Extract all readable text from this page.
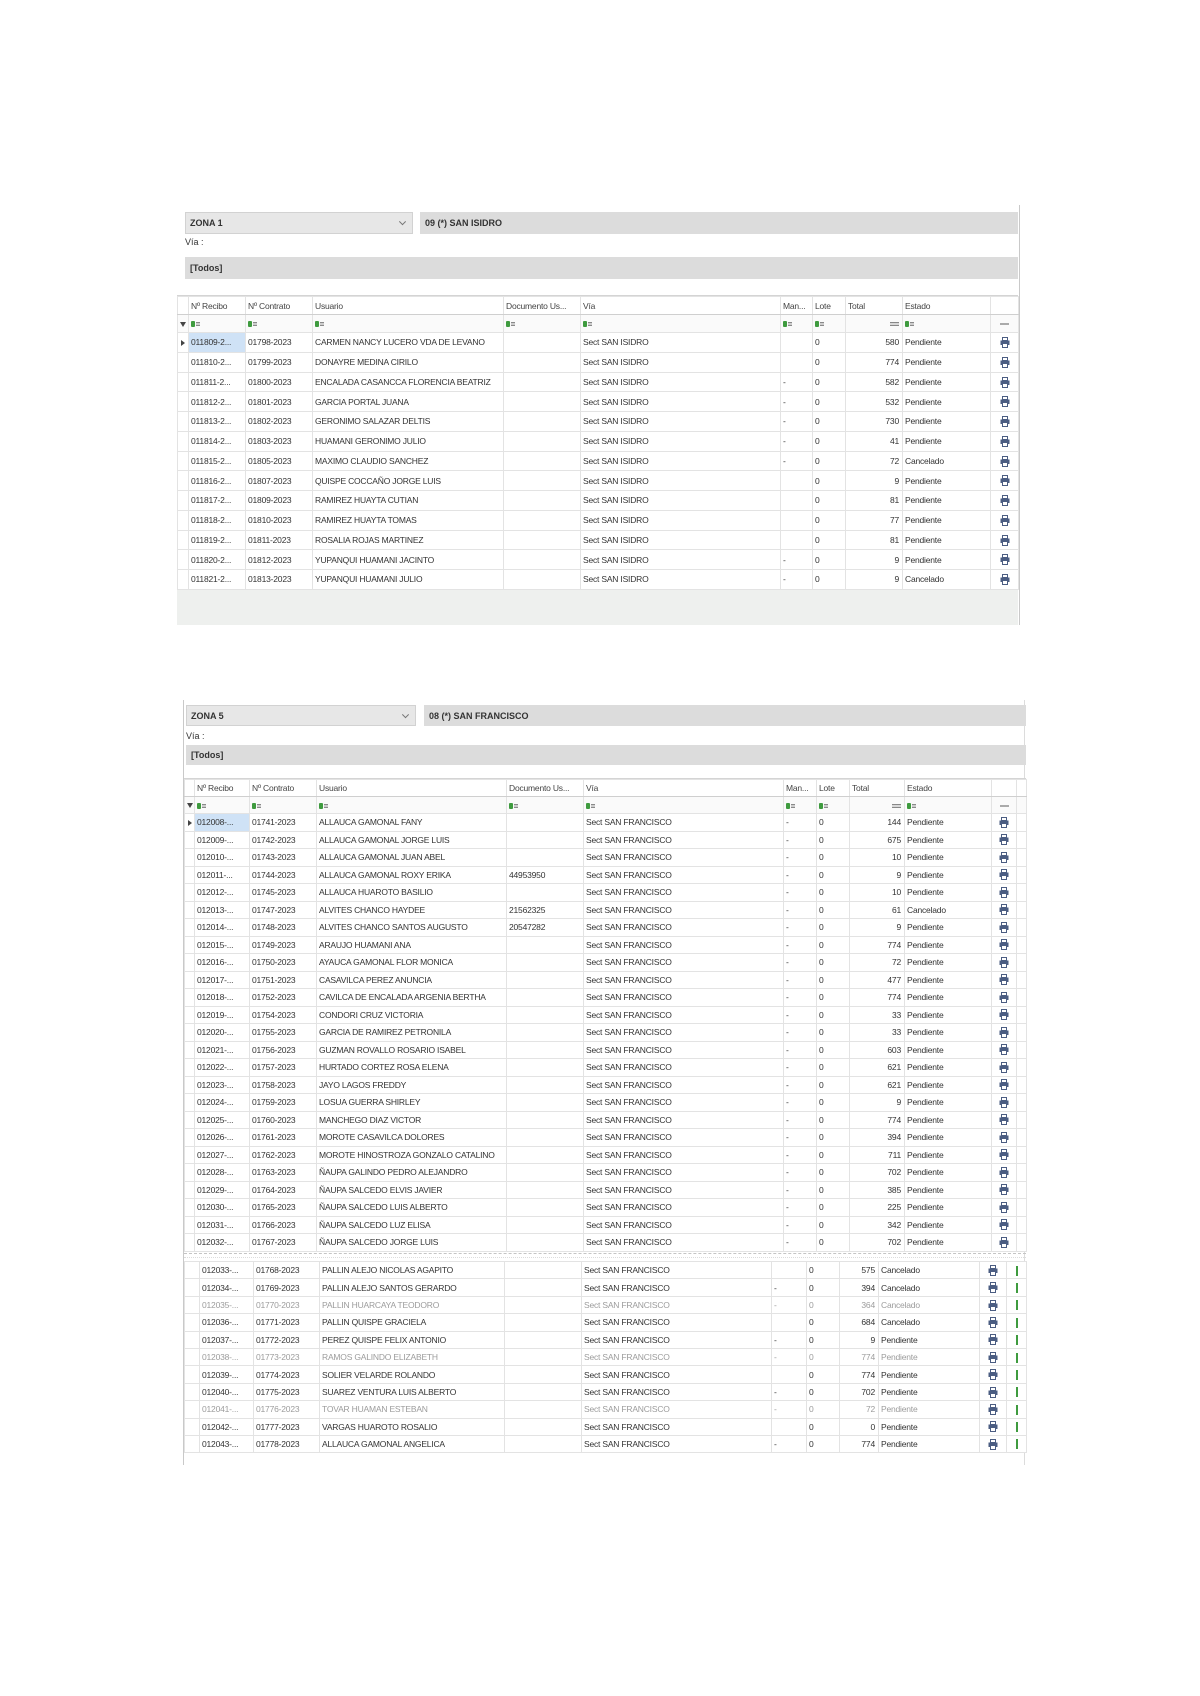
ZONA 1	09 (*) SAN ISIDRO
Vía :
[Todos]
	Nº Recibo	Nº Contrato	Usuario	Documento Us...	Vía	Man...	Lote	Total	Estado	

	011809-2...	01798-2023	CARMEN NANCY LUCERO VDA DE LEVANO		Sect SAN ISIDRO		0	580	Pendiente	
	011810-2...	01799-2023	DONAYRE MEDINA CIRILO		Sect SAN ISIDRO		0	774	Pendiente	
	011811-2...	01800-2023	ENCALADA CASANCCA FLORENCIA BEATRIZ		Sect SAN ISIDRO	-	0	582	Pendiente	
	011812-2...	01801-2023	GARCIA PORTAL JUANA		Sect SAN ISIDRO	-	0	532	Pendiente	
	011813-2...	01802-2023	GERONIMO SALAZAR DELTIS		Sect SAN ISIDRO	-	0	730	Pendiente	
	011814-2...	01803-2023	HUAMANI GERONIMO JULIO		Sect SAN ISIDRO	-	0	41	Pendiente	
	011815-2...	01805-2023	MAXIMO CLAUDIO SANCHEZ		Sect SAN ISIDRO	-	0	72	Cancelado	
	011816-2...	01807-2023	QUISPE COCCAÑO JORGE LUIS		Sect SAN ISIDRO		0	9	Pendiente	
	011817-2...	01809-2023	RAMIREZ HUAYTA CUTIAN		Sect SAN ISIDRO		0	81	Pendiente	
	011818-2...	01810-2023	RAMIREZ HUAYTA TOMAS		Sect SAN ISIDRO		0	77	Pendiente	
	011819-2...	01811-2023	ROSALIA ROJAS MARTINEZ		Sect SAN ISIDRO		0	81	Pendiente	
	011820-2...	01812-2023	YUPANQUI HUAMANI JACINTO		Sect SAN ISIDRO	-	0	9	Pendiente	
	011821-2...	01813-2023	YUPANQUI HUAMANI JULIO		Sect SAN ISIDRO	-	0	9	Cancelado	
ZONA 5	08 (*) SAN FRANCISCO
Vía :
[Todos]
	Nº Recibo	Nº Contrato	Usuario	Documento Us...	Vía	Man...	Lote	Total	Estado		

	012008-...	01741-2023	ALLAUCA GAMONAL FANY		Sect SAN FRANCISCO	-	0	144	Pendiente		
	012009-...	01742-2023	ALLAUCA GAMONAL JORGE LUIS		Sect SAN FRANCISCO	-	0	675	Pendiente		
	012010-...	01743-2023	ALLAUCA GAMONAL JUAN ABEL		Sect SAN FRANCISCO	-	0	10	Pendiente		
	012011-...	01744-2023	ALLAUCA GAMONAL ROXY ERIKA	44953950	Sect SAN FRANCISCO	-	0	9	Pendiente		
	012012-...	01745-2023	ALLAUCA HUAROTO BASILIO		Sect SAN FRANCISCO	-	0	10	Pendiente		
	012013-...	01747-2023	ALVITES CHANCO HAYDEE	21562325	Sect SAN FRANCISCO	-	0	61	Cancelado		
	012014-...	01748-2023	ALVITES CHANCO SANTOS AUGUSTO	20547282	Sect SAN FRANCISCO	-	0	9	Pendiente		
	012015-...	01749-2023	ARAUJO HUAMANI ANA		Sect SAN FRANCISCO	-	0	774	Pendiente		
	012016-...	01750-2023	AYAUCA GAMONAL FLOR MONICA		Sect SAN FRANCISCO	-	0	72	Pendiente		
	012017-...	01751-2023	CASAVILCA PEREZ ANUNCIA		Sect SAN FRANCISCO	-	0	477	Pendiente		
	012018-...	01752-2023	CAVILCA DE ENCALADA ARGENIA BERTHA		Sect SAN FRANCISCO	-	0	774	Pendiente		
	012019-...	01754-2023	CONDORI CRUZ VICTORIA		Sect SAN FRANCISCO	-	0	33	Pendiente		
	012020-...	01755-2023	GARCIA DE RAMIREZ PETRONILA		Sect SAN FRANCISCO	-	0	33	Pendiente		
	012021-...	01756-2023	GUZMAN ROVALLO ROSARIO ISABEL		Sect SAN FRANCISCO	-	0	603	Pendiente		
	012022-...	01757-2023	HURTADO CORTEZ ROSA ELENA		Sect SAN FRANCISCO	-	0	621	Pendiente		
	012023-...	01758-2023	JAYO LAGOS FREDDY		Sect SAN FRANCISCO	-	0	621	Pendiente		
	012024-...	01759-2023	LOSUA GUERRA SHIRLEY		Sect SAN FRANCISCO	-	0	9	Pendiente		
	012025-...	01760-2023	MANCHEGO DIAZ VICTOR		Sect SAN FRANCISCO	-	0	774	Pendiente		
	012026-...	01761-2023	MOROTE CASAVILCA DOLORES		Sect SAN FRANCISCO	-	0	394	Pendiente		
	012027-...	01762-2023	MOROTE HINOSTROZA GONZALO CATALINO		Sect SAN FRANCISCO	-	0	711	Pendiente		
	012028-...	01763-2023	ÑAUPA GALINDO PEDRO ALEJANDRO		Sect SAN FRANCISCO	-	0	702	Pendiente		
	012029-...	01764-2023	ÑAUPA SALCEDO ELVIS JAVIER		Sect SAN FRANCISCO	-	0	385	Pendiente		
	012030-...	01765-2023	ÑAUPA SALCEDO LUIS ALBERTO		Sect SAN FRANCISCO	-	0	225	Pendiente		
	012031-...	01766-2023	ÑAUPA SALCEDO LUZ ELISA		Sect SAN FRANCISCO	-	0	342	Pendiente		
	012032-...	01767-2023	ÑAUPA SALCEDO JORGE LUIS		Sect SAN FRANCISCO	-	0	702	Pendiente		
	012033-...	01768-2023	PALLIN ALEJO NICOLAS AGAPITO		Sect SAN FRANCISCO		0	575	Cancelado		
	012034-...	01769-2023	PALLIN ALEJO SANTOS GERARDO		Sect SAN FRANCISCO	-	0	394	Cancelado		
	012035-...	01770-2023	PALLIN HUARCAYA TEODORO		Sect SAN FRANCISCO	-	0	364	Cancelado		
	012036-...	01771-2023	PALLIN QUISPE GRACIELA		Sect SAN FRANCISCO		0	684	Cancelado		
	012037-...	01772-2023	PEREZ QUISPE FELIX ANTONIO		Sect SAN FRANCISCO	-	0	9	Pendiente		
	012038-...	01773-2023	RAMOS GALINDO ELIZABETH		Sect SAN FRANCISCO	-	0	774	Pendiente		
	012039-...	01774-2023	SOLIER VELARDE ROLANDO		Sect SAN FRANCISCO		0	774	Pendiente		
	012040-...	01775-2023	SUAREZ VENTURA LUIS ALBERTO		Sect SAN FRANCISCO	-	0	702	Pendiente		
	012041-...	01776-2023	TOVAR HUAMAN ESTEBAN		Sect SAN FRANCISCO	-	0	72	Pendiente		
	012042-...	01777-2023	VARGAS HUAROTO ROSALIO		Sect SAN FRANCISCO		0	0	Pendiente		
	012043-...	01778-2023	ALLAUCA GAMONAL ANGELICA		Sect SAN FRANCISCO	-	0	774	Pendiente		
